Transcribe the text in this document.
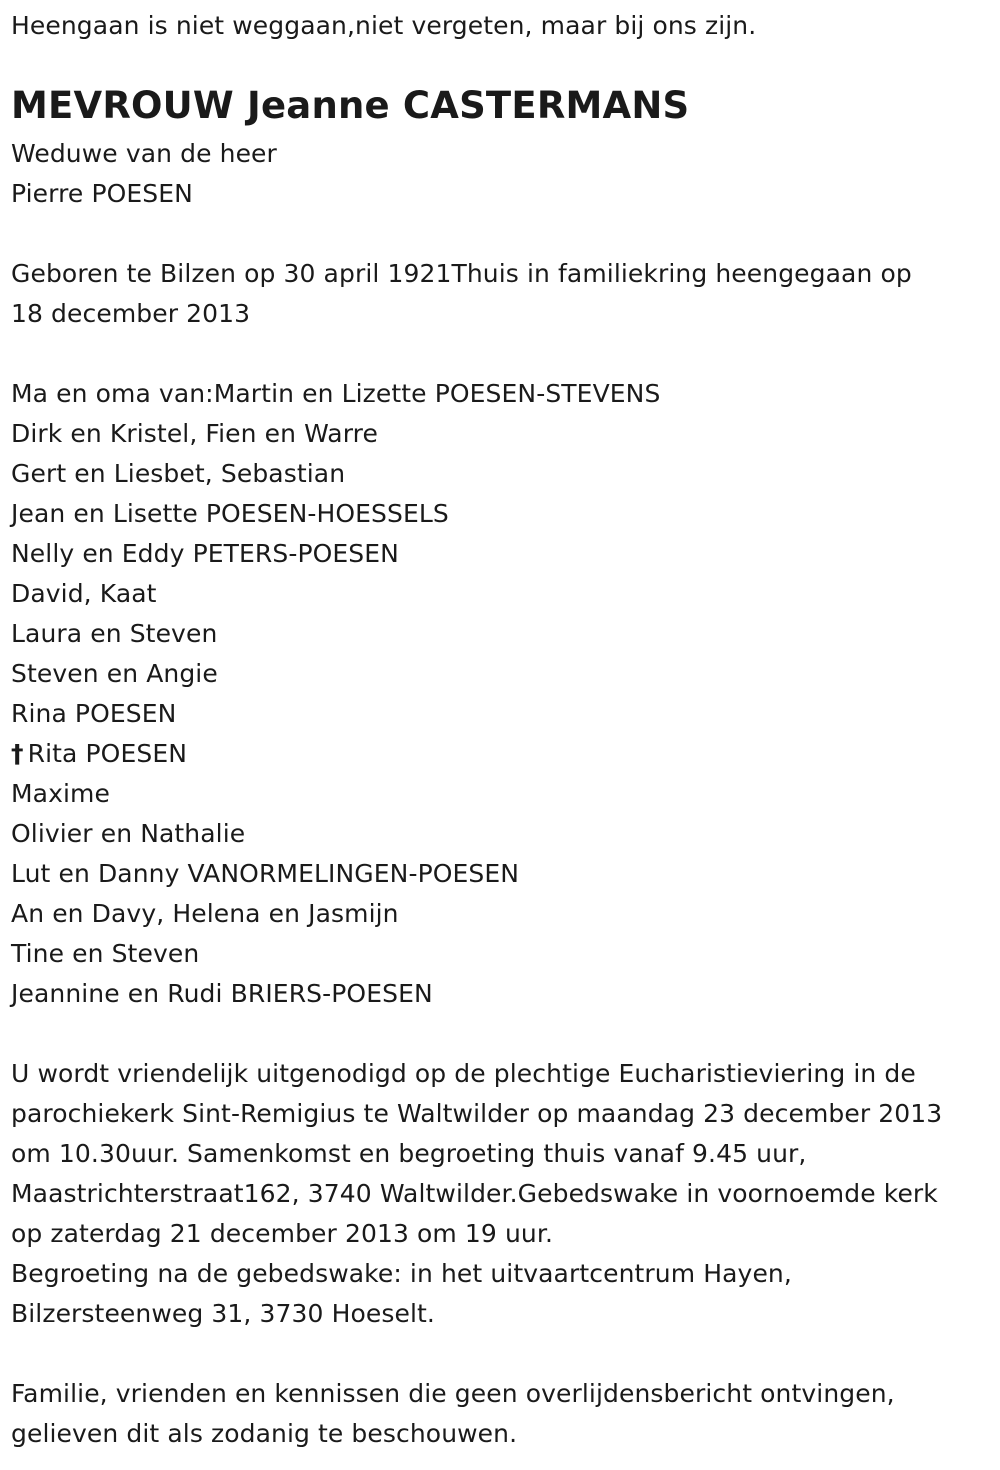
Heengaan is niet weggaan,niet vergeten, maar bij ons zijn.
MEVROUW Jeanne CASTERMANS
Weduwe van de heer
Pierre POESEN
Geboren te Bilzen op 30 april 1921Thuis in familiekring heengegaan op
18 december 2013
Ma en oma van:Martin en Lizette POESEN-STEVENS
Dirk en Kristel, Fien en Warre
Gert en Liesbet, Sebastian
Jean en Lisette POESEN-HOESSELS
Nelly en Eddy PETERS-POESEN
David, Kaat
Laura en Steven
Steven en Angie
Rina POESEN
† Rita POESEN
Maxime
Olivier en Nathalie
Lut en Danny VANORMELINGEN-POESEN
An en Davy, Helena en Jasmijn
Tine en Steven
Jeannine en Rudi BRIERS-POESEN
U wordt vriendelijk uitgenodigd op de plechtige Eucharistieviering in de
parochiekerk Sint-Remigius te Waltwilder op maandag 23 december 2013
om 10.30uur. Samenkomst en begroeting thuis vanaf 9.45 uur,
Maastrichterstraat162, 3740 Waltwilder.Gebedswake in voornoemde kerk
op zaterdag 21 december 2013 om 19 uur.
Begroeting na de gebedswake: in het uitvaartcentrum Hayen,
Bilzersteenweg 31, 3730 Hoeselt.
Familie, vrienden en kennissen die geen overlijdensbericht ontvingen,
gelieven dit als zodanig te beschouwen.
